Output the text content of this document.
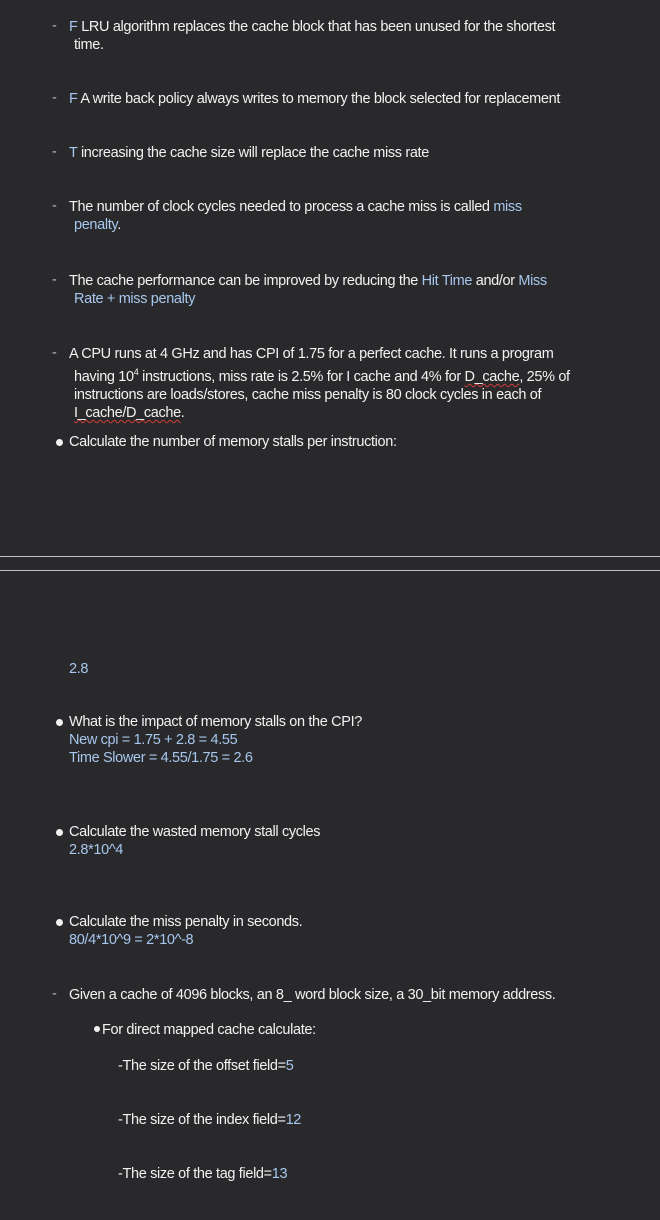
- F LRU algorithm replaces the cache block that has been unused for the shortest
time.
- F A write back policy always writes to memory the block selected for replacement
- T increasing the cache size will replace the cache miss rate
- The number of clock cycles needed to process a cache miss is called miss
penalty.
- The cache performance can be improved by reducing the Hit Time and/or Miss
Rate + miss penalty
- A CPU runs at 4 GHz and has CPI of 1.75 for a perfect cache. It runs a program
having $10^4$ instructions, miss rate is 2.5% for I cache and 4% for D_cache, 25% of
instructions are loads/stores, cache miss penalty is 80 clock cycles in each of
I_cache/D_cache.
Calculate the number of memory stalls per instruction:
2.8
What is the impact of memory stalls on the CPI?
New cpi = 1.75 + 2.8 = 4.55
Time Slower = 4.55/1.75 = 2.6
Calculate the wasted memory stall cycles
2.8*10^4
Calculate the miss penalty in seconds.
80/4*10^9 = 2*10^-8
- Given a cache of 4096 blocks, an 8_ word block size, a 30_bit memory address.
For direct mapped cache calculate:
-The size of the offset field=5
-The size of the index field=12
-The size of the tag field=13
